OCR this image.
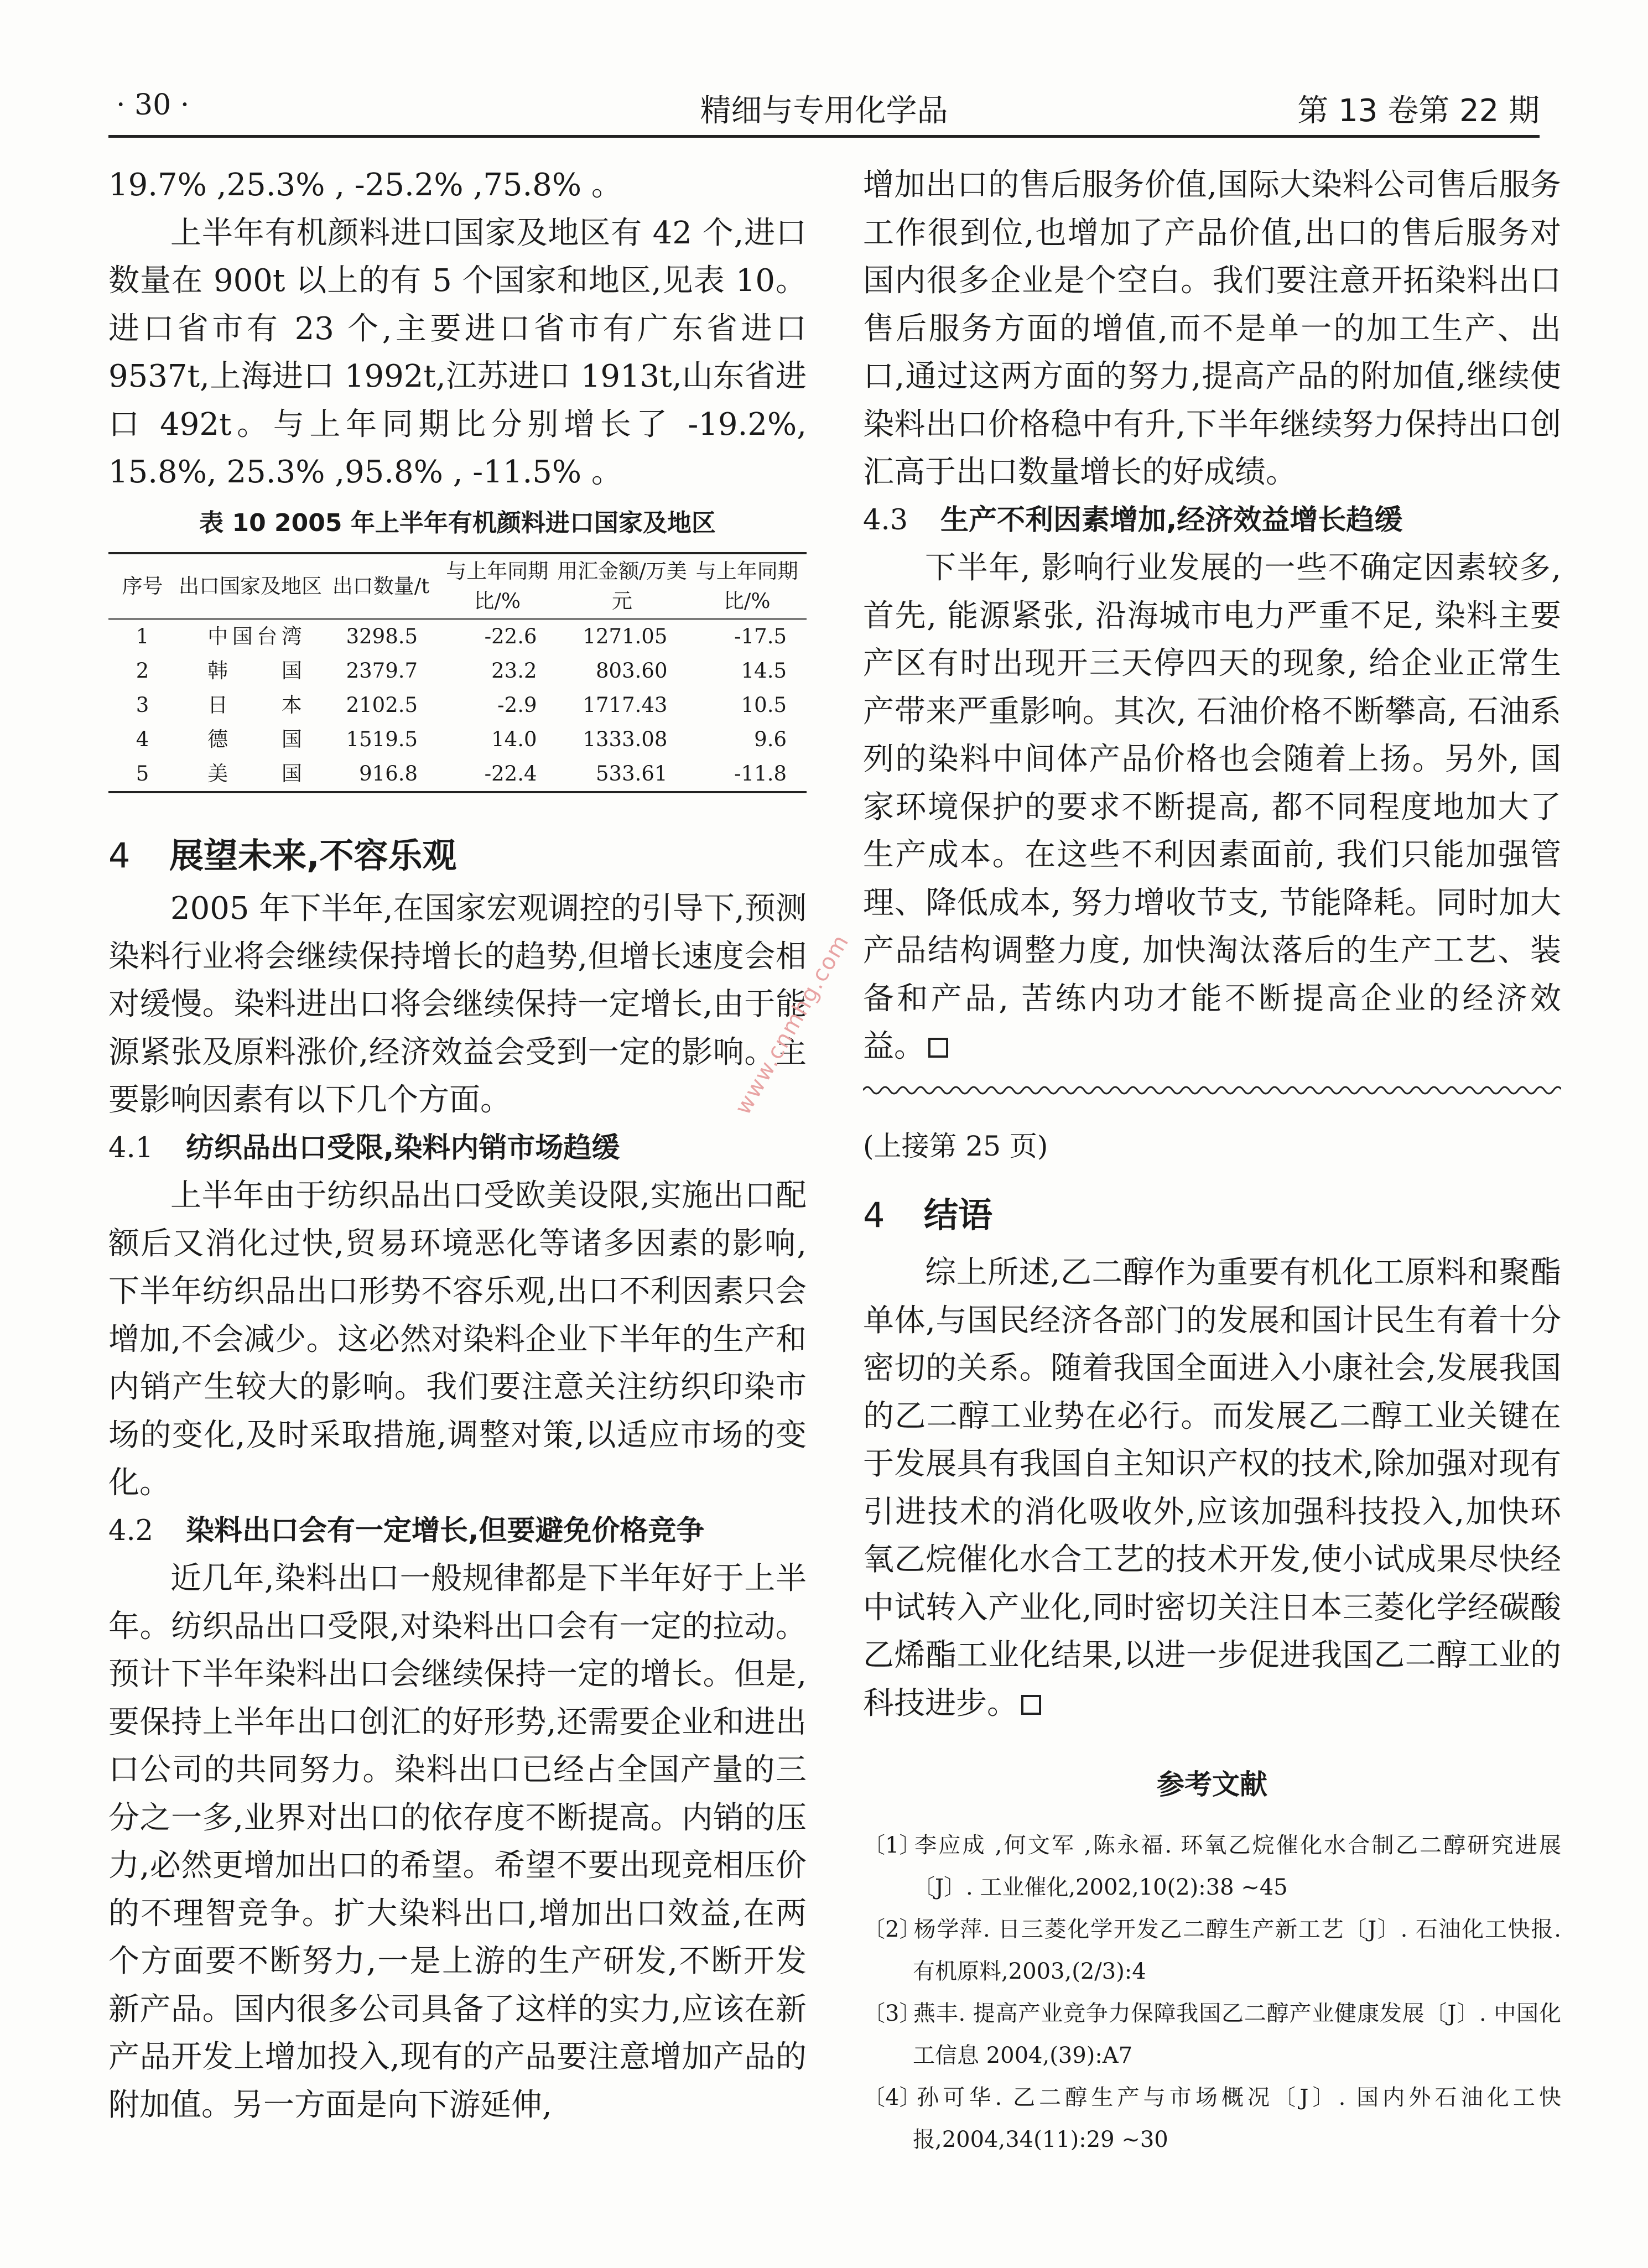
· 30 ·	精细与专用化学品	第 13 卷第 22 期

19.7% ,25.3% , -25.2% ,75.8% 。

上半年有机颜料进口国家及地区有 42 个,进口数量在 900t 以上的有 5 个国家和地区,见表 10。进口省市有 23 个,主要进口省市有广东省进口 9537t,上海进口 1992t,江苏进口 1913t,山东省进口 492t。与上年同期比分别增长了 -19.2%, 15.8%, 25.3% ,95.8% , -11.5% 。

表 10 2005 年上半年有机颜料进口国家及地区
序号	出口国家及地区	出口数量/t	与上年同期比/%	用汇金额/万美元	与上年同期比/%
1	中国台湾	3298.5	-22.6	1271.05	-17.5
2	韩　国	2379.7	23.2	803.60	14.5
3	日　本	2102.5	-2.9	1717.43	10.5
4	德　国	1519.5	14.0	1333.08	9.6
5	美　国	916.8	-22.4	533.61	-11.8
4 展望未来,不容乐观

2005 年下半年,在国家宏观调控的引导下,预测染料行业将会继续保持增长的趋势,但增长速度会相对缓慢。染料进出口将会继续保持一定增长,由于能源紧张及原料涨价,经济效益会受到一定的影响。主要影响因素有以下几个方面。

4.1 纺织品出口受限,染料内销市场趋缓

上半年由于纺织品出口受欧美设限,实施出口配额后又消化过快,贸易环境恶化等诸多因素的影响,下半年纺织品出口形势不容乐观,出口不利因素只会增加,不会减少。这必然对染料企业下半年的生产和内销产生较大的影响。我们要注意关注纺织印染市场的变化,及时采取措施,调整对策,以适应市场的变化。

4.2 染料出口会有一定增长,但要避免价格竞争

近几年,染料出口一般规律都是下半年好于上半年。纺织品出口受限,对染料出口会有一定的拉动。预计下半年染料出口会继续保持一定的增长。但是,要保持上半年出口创汇的好形势,还需要企业和进出口公司的共同努力。染料出口已经占全国产量的三分之一多,业界对出口的依存度不断提高。内销的压力,必然更增加出口的希望。希望不要出现竞相压价的不理智竞争。扩大染料出口,增加出口效益,在两个方面要不断努力,一是上游的生产研发,不断开发新产品。国内很多公司具备了这样的实力,应该在新产品开发上增加投入,现有的产品要注意增加产品的附加值。另一方面是向下游延伸,

增加出口的售后服务价值,国际大染料公司售后服务工作很到位,也增加了产品价值,出口的售后服务对国内很多企业是个空白。我们要注意开拓染料出口售后服务方面的增值,而不是单一的加工生产、出口,通过这两方面的努力,提高产品的附加值,继续使染料出口价格稳中有升,下半年继续努力保持出口创汇高于出口数量增长的好成绩。

4.3 生产不利因素增加,经济效益增长趋缓

下半年, 影响行业发展的一些不确定因素较多, 首先, 能源紧张, 沿海城市电力严重不足, 染料主要产区有时出现开三天停四天的现象, 给企业正常生产带来严重影响。其次, 石油价格不断攀高, 石油系列的染料中间体产品价格也会随着上扬。另外, 国家环境保护的要求不断提高, 都不同程度地加大了生产成本。在这些不利因素面前, 我们只能加强管理、降低成本, 努力增收节支, 节能降耗。同时加大产品结构调整力度, 加快淘汰落后的生产工艺、装备和产品, 苦练内功才能不断提高企业的经济效益。

(上接第 25 页)

4 结语

综上所述,乙二醇作为重要有机化工原料和聚酯单体,与国民经济各部门的发展和国计民生有着十分密切的关系。随着我国全面进入小康社会,发展我国的乙二醇工业势在必行。而发展乙二醇工业关键在于发展具有我国自主知识产权的技术,除加强对现有引进技术的消化吸收外,应该加强科技投入,加快环氧乙烷催化水合工艺的技术开发,使小试成果尽快经中试转入产业化,同时密切关注日本三菱化学经碳酸乙烯酯工业化结果,以进一步促进我国乙二醇工业的科技进步。

参考文献

〔1〕李应成 ,何文军 ,陈永福. 环氧乙烷催化水合制乙二醇研究进展〔J〕. 工业催化,2002,10(2):38 ~45

〔2〕杨学萍. 日三菱化学开发乙二醇生产新工艺〔J〕. 石油化工快报. 有机原料,2003,(2/3):4

〔3〕燕丰. 提高产业竞争力保障我国乙二醇产业健康发展〔J〕. 中国化工信息 2004,(39):A7

〔4〕孙可华. 乙二醇生产与市场概况〔J〕. 国内外石油化工快报,2004,34(11):29 ~30

www.cnmhg.com
